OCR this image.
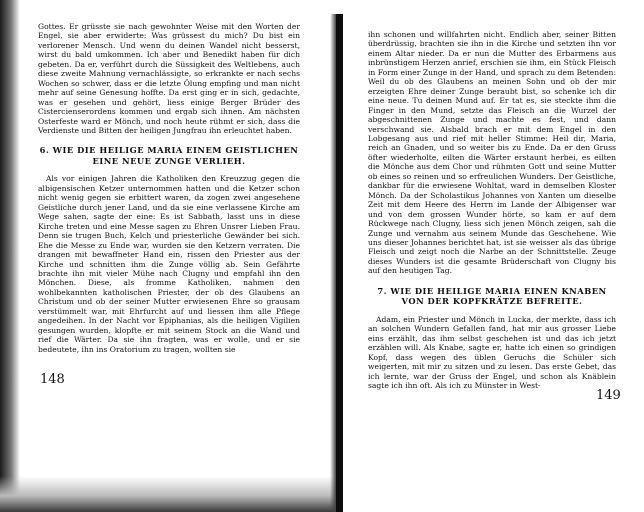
Gottes. Er grüsste sie nach gewohnter Weise mit den Worten der Engel, sie aber erwiderte: Was grüssest du mich? Du bist ein verlorener Mensch. Und wenn du deinen Wandel nicht besserst, wirst du bald umkommen. Ich aber und Benedikt haben für dich gebeten. Da er, verführt durch die Süssigkeit des Weltlebens, auch diese zweite Mahnung vernachlässigte, so erkrankte er nach sechs Wochen so schwer, dass er die letzte Ölung empfing und man nicht mehr auf seine Genesung hoffte. Da erst ging er in sich, gedachte, was er gesehen und gehört, liess einige Berger Brüder des Cistercienserordens kommen und ergab sich ihnen. Am nächsten Osterfeste ward er Mönch, und noch heute rühmt er sich, dass die Verdienste und Bitten der heiligen Jungfrau ihn erleuchtet haben.

6. WIE DIE HEILIGE MARIA EINEM GEISTLICHEN EINE NEUE ZUNGE VERLIEH.

Als vor einigen Jahren die Katholiken den Kreuzzug gegen die albigensischen Ketzer unternommen hatten und die Ketzer schon nicht wenig gegen sie erbittert waren, da zogen zwei angesehene Geistliche durch jener Land, und da sie eine verlassene Kirche am Wege sahen, sagte der eine: Es ist Sabbath, lasst uns in diese Kirche treten und eine Messe sagen zu Ehren Unsrer Lieben Frau. Denn sie trugen Buch, Kelch und priesterliche Gewänder bei sich. Ehe die Messe zu Ende war, wurden sie den Ketzern verraten. Die drangen mit bewaffneter Hand ein, rissen den Priester aus der Kirche und schnitten ihm die Zunge völlig ab. Sein Gefährte brachte ihn mit vieler Mühe nach Clugny und empfahl ihn den Mönchen. Diese, als fromme Katholiken, nahmen den wohlbekannten katholischen Priester, der ob des Glaubens an Christum und ob der seiner Mutter erwiesenen Ehre so grausam verstümmelt war, mit Ehrfurcht auf und liessen ihm alle Pflege angedeihen. In der Nacht vor Epiphanias, als die heiligen Vigilien gesungen wurden, klopfte er mit seinem Stock an die Wand und rief die Wärter. Da sie ihn fragten, was er wolle, und er sie bedeutete, ihn ins Oratorium zu tragen, wollten sie

148

ihn schonen und willfahrten nicht. Endlich aber, seiner Bitten überdrüssig, brachten sie ihn in die Kirche und setzten ihn vor einem Altar nieder. Da er nun die Mutter des Erbarmens aus inbrünstigem Herzen anrief, erschien sie ihm, ein Stück Fleisch in Form einer Zunge in der Hand, und sprach zu dem Betenden: Weil du ob des Glaubens an meinen Sohn und ob der mir erzeigten Ehre deiner Zunge beraubt bist, so schenke ich dir eine neue. Tu deinen Mund auf. Er tat es, sie steckte ihm die Finger in den Mund, setzte das Fleisch an die Wurzel der abgeschnittenen Zunge und machte es fest, und dann verschwand sie. Alsbald brach er mit dem Engel in den Lobgesang aus und rief mit heller Stimme: Heil dir, Maria, reich an Gnaden, und so weiter bis zu Ende. Da er den Gruss öfter wiederholte, eilten die Wärter erstaunt herbei, es eilten die Mönche aus dem Chor und rühmten Gott und seine Mutter ob eines so reinen und so erfreulichen Wunders. Der Geistliche, dankbar für die erwiesene Wohltat, ward in demselben Kloster Mönch. Da der Scholastikus Johannes von Xanten um dieselbe Zeit mit dem Heere des Herrn im Lande der Albigenser war und von dem grossen Wunder hörte, so kam er auf dem Rückwege nach Clugny, liess sich jenen Mönch zeigen, sah die Zunge und vernahm aus seinem Munde das Geschehene. Wie uns dieser Johannes berichtet hat, ist sie weisser als das übrige Fleisch und zeigt noch die Narbe an der Schnittstelle. Zeuge dieses Wunders ist die gesamte Brüderschaft von Clugny bis auf den heutigen Tag.

7. WIE DIE HEILIGE MARIA EINEN KNABEN VON DER KOPFKRÄTZE BEFREITE.

Adam, ein Priester und Mönch in Lucka, der merkte, dass ich an solchen Wundern Gefallen fand, hat mir aus grosser Liebe eins erzählt, das ihm selbst geschehen ist und das ich jetzt erzählen will. Als Knabe, sagte er, hatte ich einen so grindigen Kopf, dass wegen des üblen Geruchs die Schüler sich weigerten, mit mir zu sitzen und zu lesen. Das erste Gebet, das ich lernte, war der Gruss der Engel, und schon als Knäblein sagte ich ihn oft. Als ich zu Münster in West-

149
